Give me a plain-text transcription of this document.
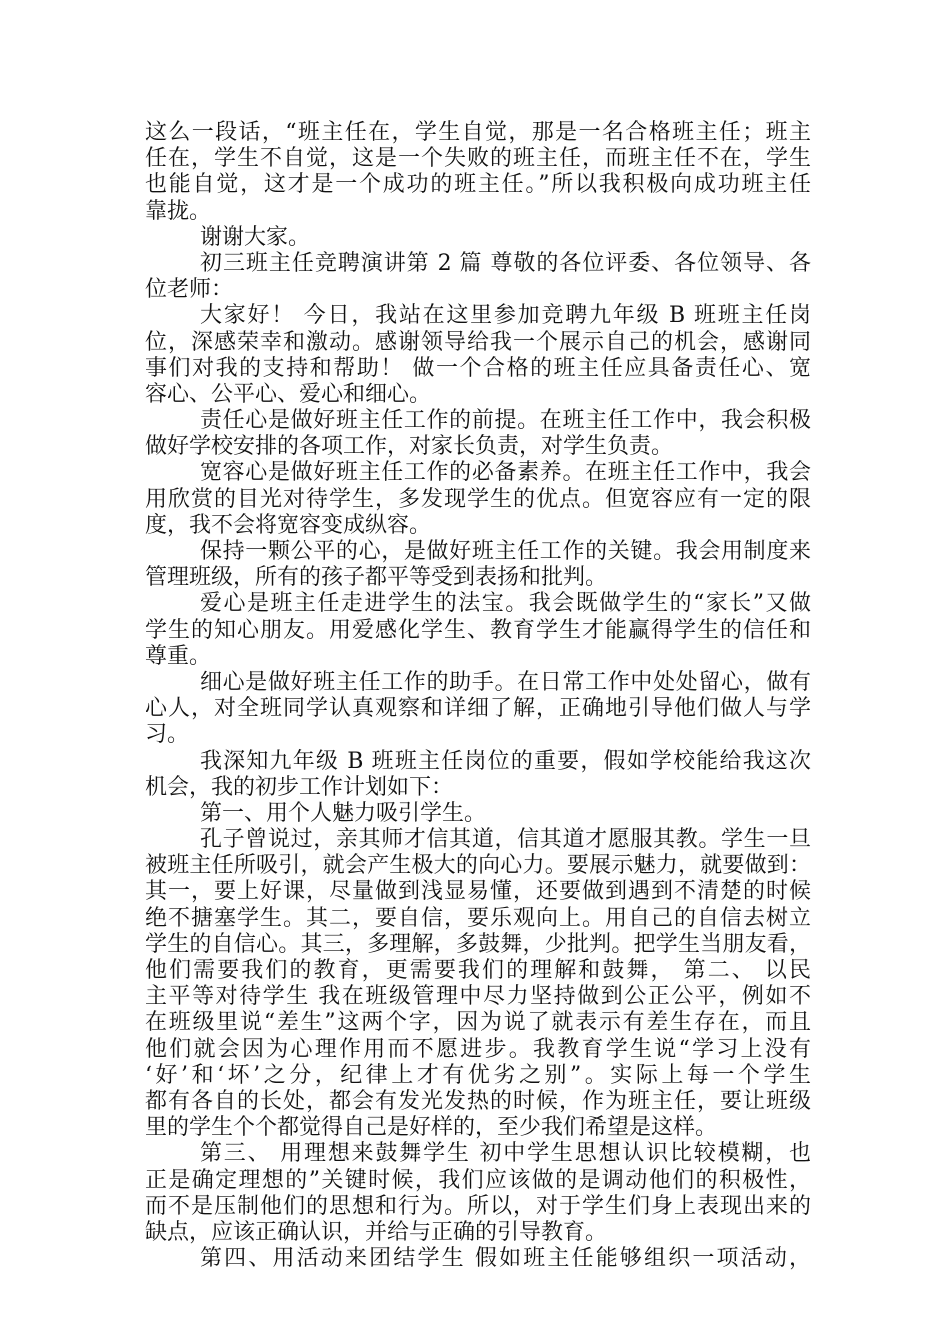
这么一段话，“班主任在，学生自觉，那是一名合格班主任；班主
任在，学生不自觉，这是一个失败的班主任，而班主任不在，学生
也能自觉，这才是一个成功的班主任。”所以我积极向成功班主任
靠拢。
谢谢大家。
初三班主任竞聘演讲第 2 篇 尊敬的各位评委、各位领导、各
位老师：
大家好！ 今日，我站在这里参加竞聘九年级 B 班班主任岗
位，深感荣幸和激动。感谢领导给我一个展示自己的机会，感谢同
事们对我的支持和帮助！ 做一个合格的班主任应具备责任心、宽
容心、公平心、爱心和细心。
责任心是做好班主任工作的前提。在班主任工作中，我会积极
做好学校安排的各项工作，对家长负责，对学生负责。
宽容心是做好班主任工作的必备素养。在班主任工作中，我会
用欣赏的目光对待学生，多发现学生的优点。但宽容应有一定的限
度，我不会将宽容变成纵容。
保持一颗公平的心，是做好班主任工作的关键。我会用制度来
管理班级，所有的孩子都平等受到表扬和批判。
爱心是班主任走进学生的法宝。我会既做学生的“家长”又做
学生的知心朋友。用爱感化学生、教育学生才能赢得学生的信任和
尊重。
细心是做好班主任工作的助手。在日常工作中处处留心，做有
心人，对全班同学认真观察和详细了解，正确地引导他们做人与学
习。
我深知九年级 B 班班主任岗位的重要，假如学校能给我这次
机会，我的初步工作计划如下：
第一、用个人魅力吸引学生。
孔子曾说过，亲其师才信其道，信其道才愿服其教。学生一旦
被班主任所吸引，就会产生极大的向心力。要展示魅力，就要做到：
其一，要上好课，尽量做到浅显易懂，还要做到遇到不清楚的时候
绝不搪塞学生。其二，要自信，要乐观向上。用自己的自信去树立
学生的自信心。其三，多理解，多鼓舞，少批判。把学生当朋友看，
他们需要我们的教育，更需要我们的理解和鼓舞， 第二、 以民
主平等对待学生 我在班级管理中尽力坚持做到公正公平，例如不
在班级里说“差生”这两个字，因为说了就表示有差生存在，而且
他们就会因为心理作用而不愿进步。我教育学生说“学习上没有
‘好’和‘坏’之分，纪律上才有优劣之别”。实际上每一个学生
都有各自的长处，都会有发光发热的时候，作为班主任，要让班级
里的学生个个都觉得自己是好样的，至少我们希望是这样。
第三、 用理想来鼓舞学生 初中学生思想认识比较模糊，也
正是确定理想的”关键时候，我们应该做的是调动他们的积极性，
而不是压制他们的思想和行为。所以，对于学生们身上表现出来的
缺点，应该正确认识，并给与正确的引导教育。
第四、用活动来团结学生 假如班主任能够组织一项活动，
